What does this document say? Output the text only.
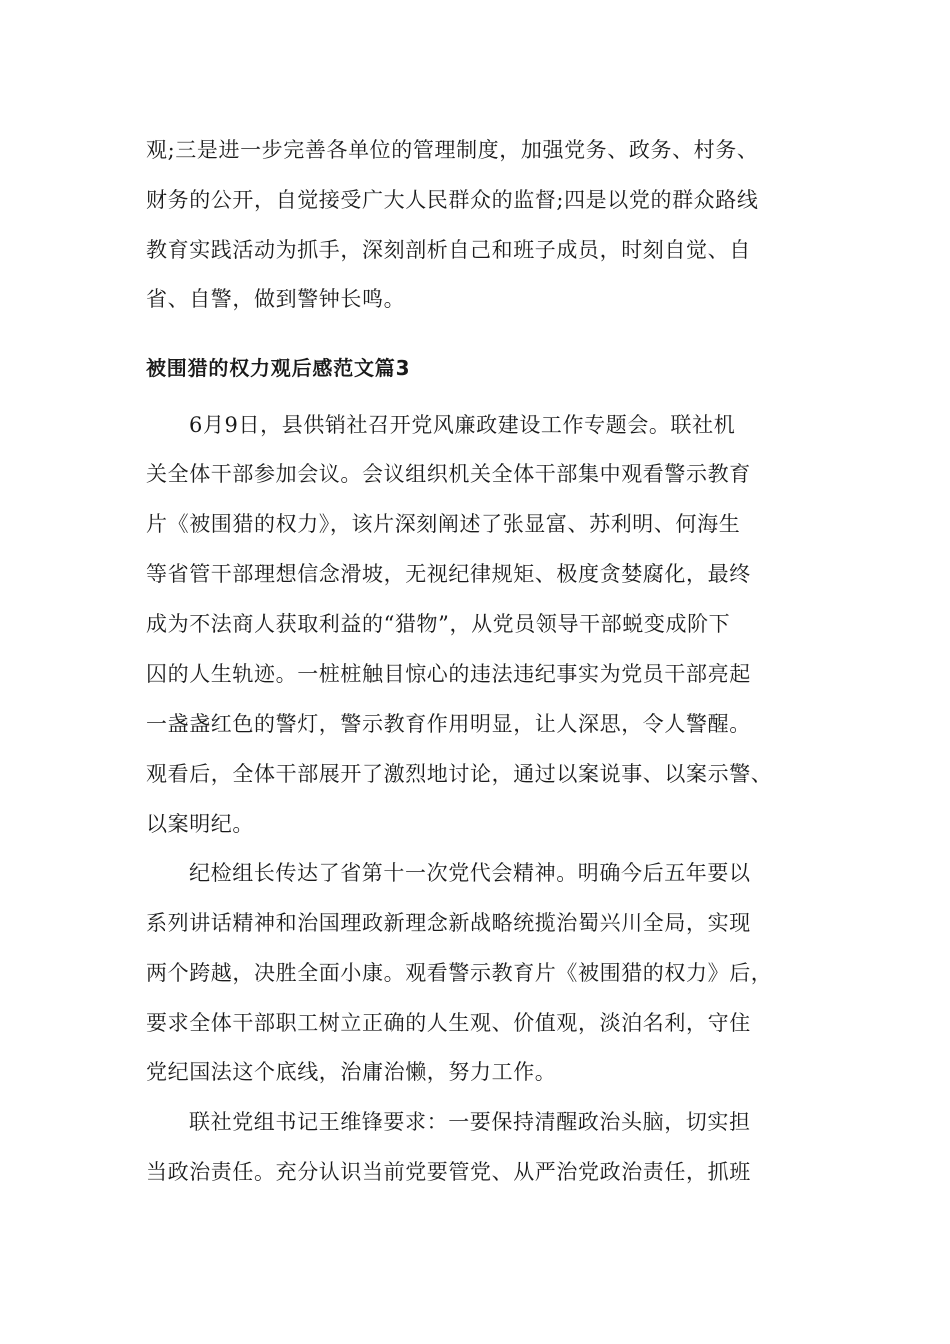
观;三是进一步完善各单位的管理制度，加强党务、政务、村务、
财务的公开，自觉接受广大人民群众的监督;四是以党的群众路线
教育实践活动为抓手，深刻剖析自己和班子成员，时刻自觉、自
省、自警，做到警钟长鸣。
被围猎的权力观后感范文篇3
6月9日，县供销社召开党风廉政建设工作专题会。联社机
关全体干部参加会议。会议组织机关全体干部集中观看警示教育
片《被围猎的权力》，该片深刻阐述了张显富、苏利明、何海生
等省管干部理想信念滑坡，无视纪律规矩、极度贪婪腐化，最终
成为不法商人获取利益的“猎物”，从党员领导干部蜕变成阶下
囚的人生轨迹。一桩桩触目惊心的违法违纪事实为党员干部亮起
一盏盏红色的警灯，警示教育作用明显，让人深思，令人警醒。
观看后，全体干部展开了激烈地讨论，通过以案说事、以案示警、
以案明纪。
纪检组长传达了省第十一次党代会精神。明确今后五年要以
系列讲话精神和治国理政新理念新战略统揽治蜀兴川全局，实现
两个跨越，决胜全面小康。观看警示教育片《被围猎的权力》后，
要求全体干部职工树立正确的人生观、价值观，淡泊名利，守住
党纪国法这个底线，治庸治懒，努力工作。
联社党组书记王维锋要求：一要保持清醒政治头脑，切实担
当政治责任。充分认识当前党要管党、从严治党政治责任，抓班
